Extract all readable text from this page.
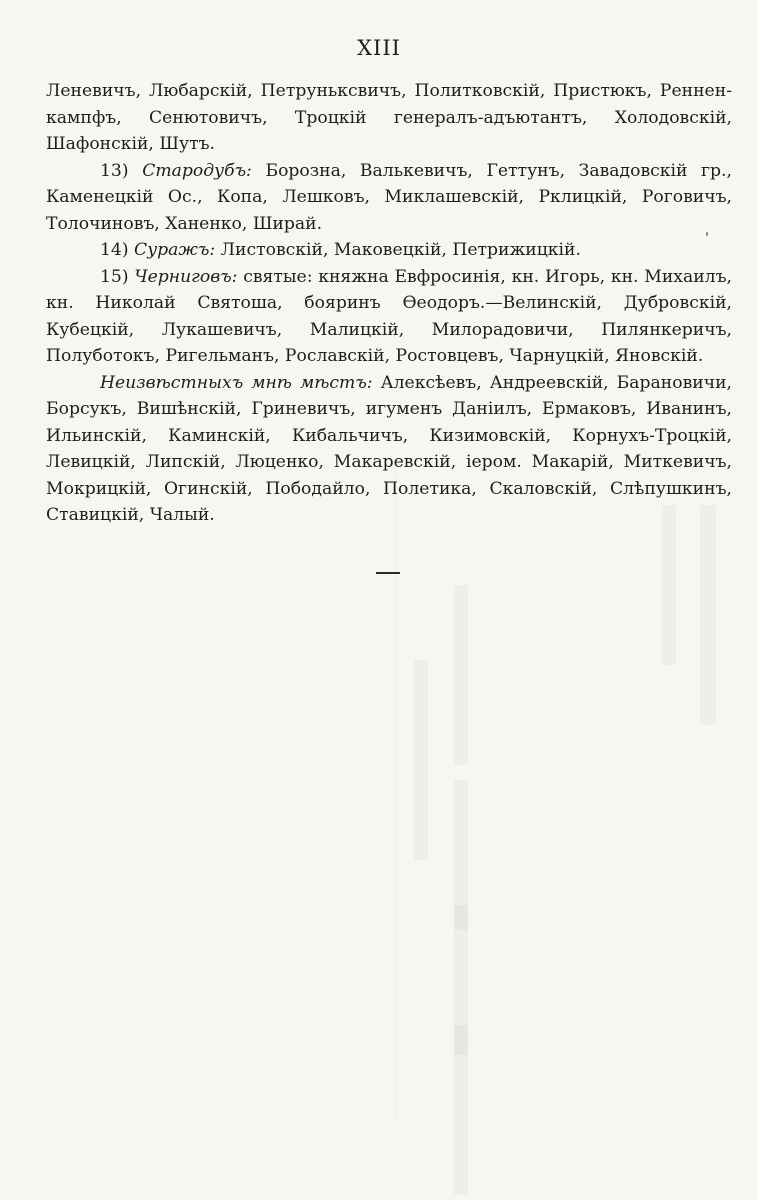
XIII

Леневичъ, Любарскій, Петруньксвичъ, Политковскій, Пристюкъ, Реннен-кампфъ, Сенютовичъ, Троцкій генералъ-адъютантъ, Холодовскій, Шафонскій, Шутъ.

13) Стародубъ: Борозна, Валькевичъ, Геттунъ, Завадовскій гр., Каменецкій Ос., Копа, Лешковъ, Миклашевскій, Рклицкій, Роговичъ, Толочиновъ, Ханенко, Ширай.

14) Суражъ: Листовскій, Маковецкій, Петрижицкій.

15) Черниговъ: святые: княжна Евфросинія, кн. Игорь, кн. Михаилъ, кн. Николай Святоша, бояринъ Ѳеодоръ.—Велинскій, Дубровскій, Кубецкій, Лукашевичъ, Малицкій, Милорадовичи, Пилянкеричъ, Полуботокъ, Ригельманъ, Рославскій, Ростовцевъ, Чарнуцкій, Яновскій.

Неизвѣстныхъ мнѣ мѣстъ: Алексѣевъ, Андреевскій, Барановичи, Борсукъ, Вишѣнскій, Гриневичъ, игуменъ Даніилъ, Ермаковъ, Иванинъ, Ильинскій, Каминскій, Кибальчичъ, Кизимовскій, Корнухъ-Троцкій, Левицкій, Липскій, Люценко, Макаревскій, іером. Макарій, Миткевичъ, Мокрицкій, Огинскій, Пободайло, Полетика, Скаловскій, Слѣпушкинъ, Ставицкій, Чалый.
